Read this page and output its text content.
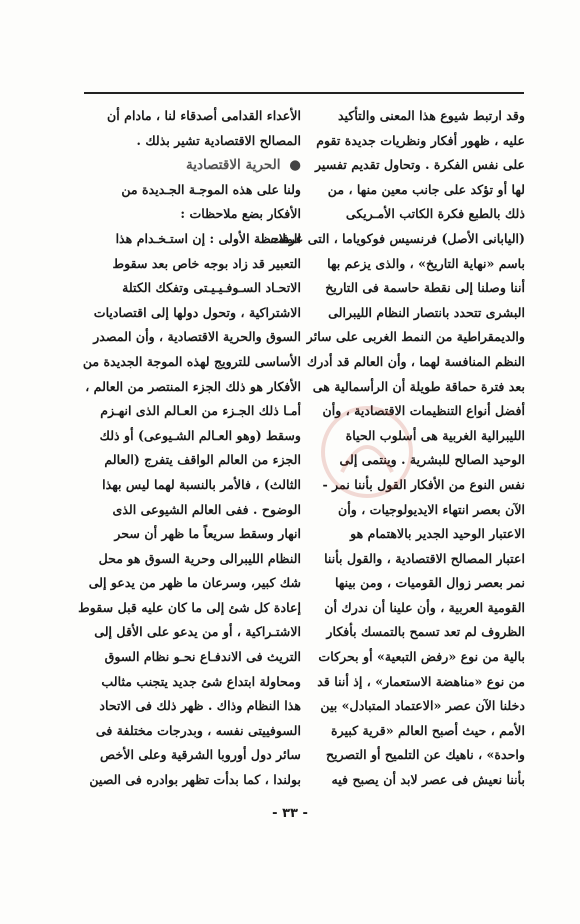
وقد ارتبط شيوع هذا المعنى والتأكيد
عليه ، ظهور أفكار ونظريات جديدة تقوم
على نفس الفكرة . وتحاول تقديم تفسير
لها أو تؤكد على جانب معين منها ، من
ذلك بالطبع فكرة الكاتب الأمـريكى
(اليابانى الأصل) فرنسيس فوكوياما ، التى عرفت
باسم «نهاية التاريخ» ، والذى يزعم بها
أننا وصلنا إلى نقطة حاسمة فى التاريخ
البشرى تتحدد بانتصار النظام الليبرالى
والديمقراطية من النمط الغربى على سائر
النظم المنافسة لهما ، وأن العالم قد أدرك
بعد فترة حماقة طويلة أن الرأسمالية هى
أفضل أنواع التنظيمات الاقتصادية ، وأن
الليبرالية الغربية هى أسلوب الحياة
الوحيد الصالح للبشرية . وينتمى إلى
نفس النوع من الأفكار القول بأننا نمر -
الآن بعصر انتهاء الايديولوجيات ، وأن
الاعتبار الوحيد الجدير بالاهتمام هو
اعتبار المصالح الاقتصادية ، والقول بأننا
نمر بعصر زوال القوميات ، ومن بينها
القومية العربية ، وأن علينا أن ندرك أن
الظروف لم تعد تسمح بالتمسك بأفكار
بالية من نوع «رفض التبعية» أو بحركات
من نوع «مناهضة الاستعمار» ، إذ أننا قد
دخلنا الآن عصر «الاعتماد المتبادل» بين
الأمم ، حيث أصبح العالم «قرية كبيرة
واحدة» ، ناهيك عن التلميح أو التصريح
بأننا نعيش فى عصر لابد أن يصبح فيه
الأعداء القدامى أصدقاء لنا ، مادام أن
المصالح الاقتصادية تشير بذلك .
● الحرية الاقتصادية
ولنا على هذه الموجـة الجـديدة من
الأفكار بضع ملاحظات :
الملاحظة الأولى : إن استـخـدام هذا
التعبير قد زاد بوجه خاص بعد سقوط
الاتحـاد السـوفـيـيـتى وتفكك الكتلة
الاشتراكية ، وتحول دولها إلى اقتصاديات
السوق والحرية الاقتصادية ، وأن المصدر
الأساسى للترويج لهذه الموجة الجديدة من
الأفكار هو ذلك الجزء المنتصر من العالم ،
أمـا ذلك الجـزء من العـالم الذى انهـزم
وسقط (وهو العـالم الشـيوعى) أو ذلك
الجزء من العالم الواقف يتفرج (العالم
الثالث) ، فالأمر بالنسبة لهما ليس بهذا
الوضوح . ففى العالم الشيوعى الذى
انهار وسقط سريعاً ما ظهر أن سحر
النظام الليبرالى وحرية السوق هو محل
شك كبير، وسرعان ما ظهر من يدعو إلى
إعادة كل شئ إلى ما كان عليه قبل سقوط
الاشتـراكية ، أو من يدعو على الأقل إلى
التريث فى الاندفـاع نحـو نظام السوق
ومحاولة ابتداع شئ جديد يتجنب مثالب
هذا النظام وذاك . ظهر ذلك فى الاتحاد
السوفييتى نفسه ، وبدرجات مختلفة فى
سائر دول أوروبا الشرقية وعلى الأخص
بولندا ، كما بدأت تظهر بوادره فى الصين
- ٣٣ -
